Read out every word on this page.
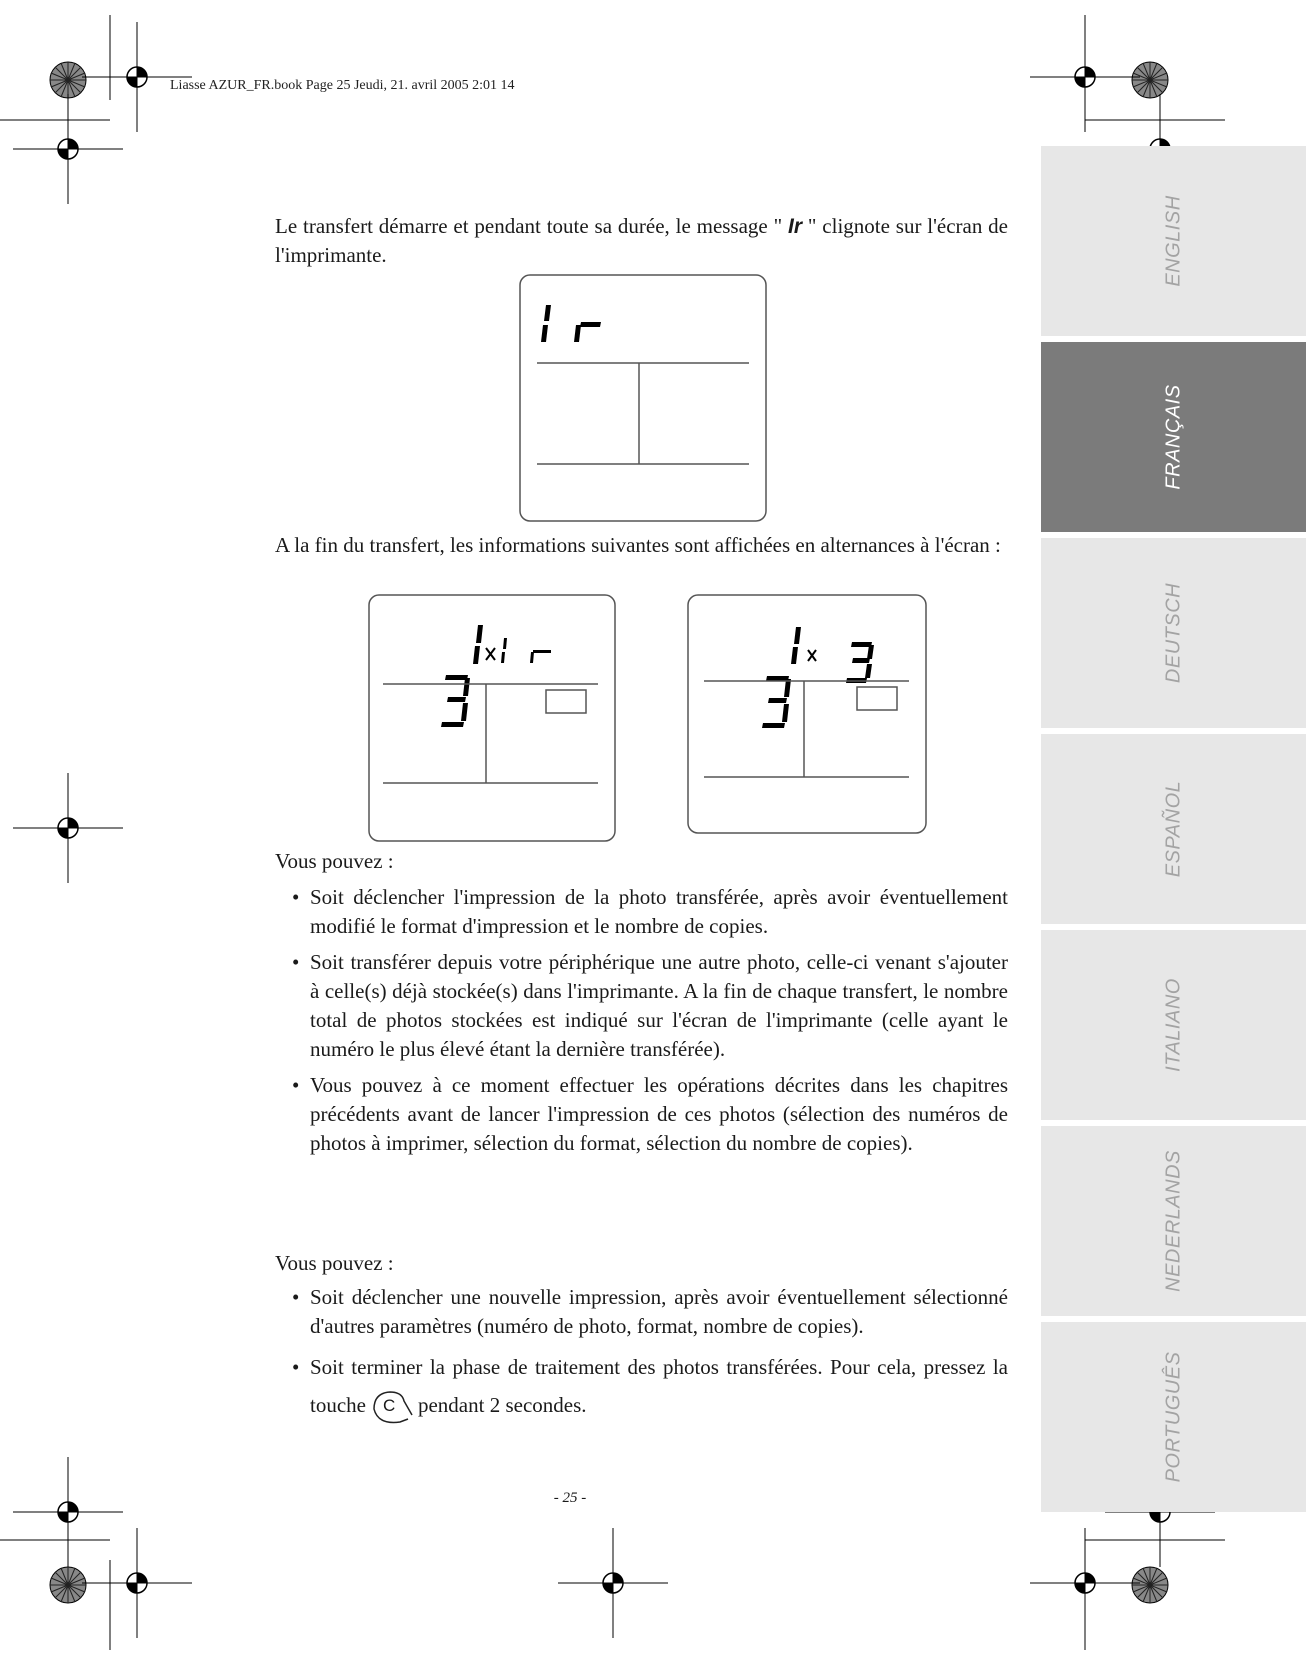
Liasse AZUR_FR.book Page 25 Jeudi, 21. avril 2005 2:01 14
ENGLISH
FRANÇAIS
DEUTSCH
ESPAÑOL
ITALIANO
NEDERLANDS
PORTUGUÊS
Le transfert démarre et pendant toute sa durée, le message " Ir " clignote sur l'écran de l'imprimante.
A la fin du transfert, les informations suivantes sont affichées en alternances à l'écran :
Vous pouvez :
• Soit déclencher l'impression de la photo transférée, après avoir éventuellement modifié le format d'impression et le nombre de copies.
• Soit transférer depuis votre périphérique une autre photo, celle-ci venant s'ajouter à celle(s) déjà stockée(s) dans l'imprimante. A la fin de chaque transfert, le nombre total de photos stockées est indiqué sur l'écran de l'imprimante (celle ayant le numéro le plus élevé étant la dernière transférée).
• Vous pouvez à ce moment effectuer les opérations décrites dans les chapitres précédents avant de lancer l'impression de ces photos (sélection des numéros de photos à imprimer, sélection du format, sélection du nombre de copies).
Vous pouvez :
• Soit déclencher une nouvelle impression, après avoir éventuellement sélectionné d'autres paramètres (numéro de photo, format, nombre de copies).
• Soit terminer la phase de traitement des photos transférées. Pour cela, pressez la touche C pendant 2 secondes.
- 25 -
